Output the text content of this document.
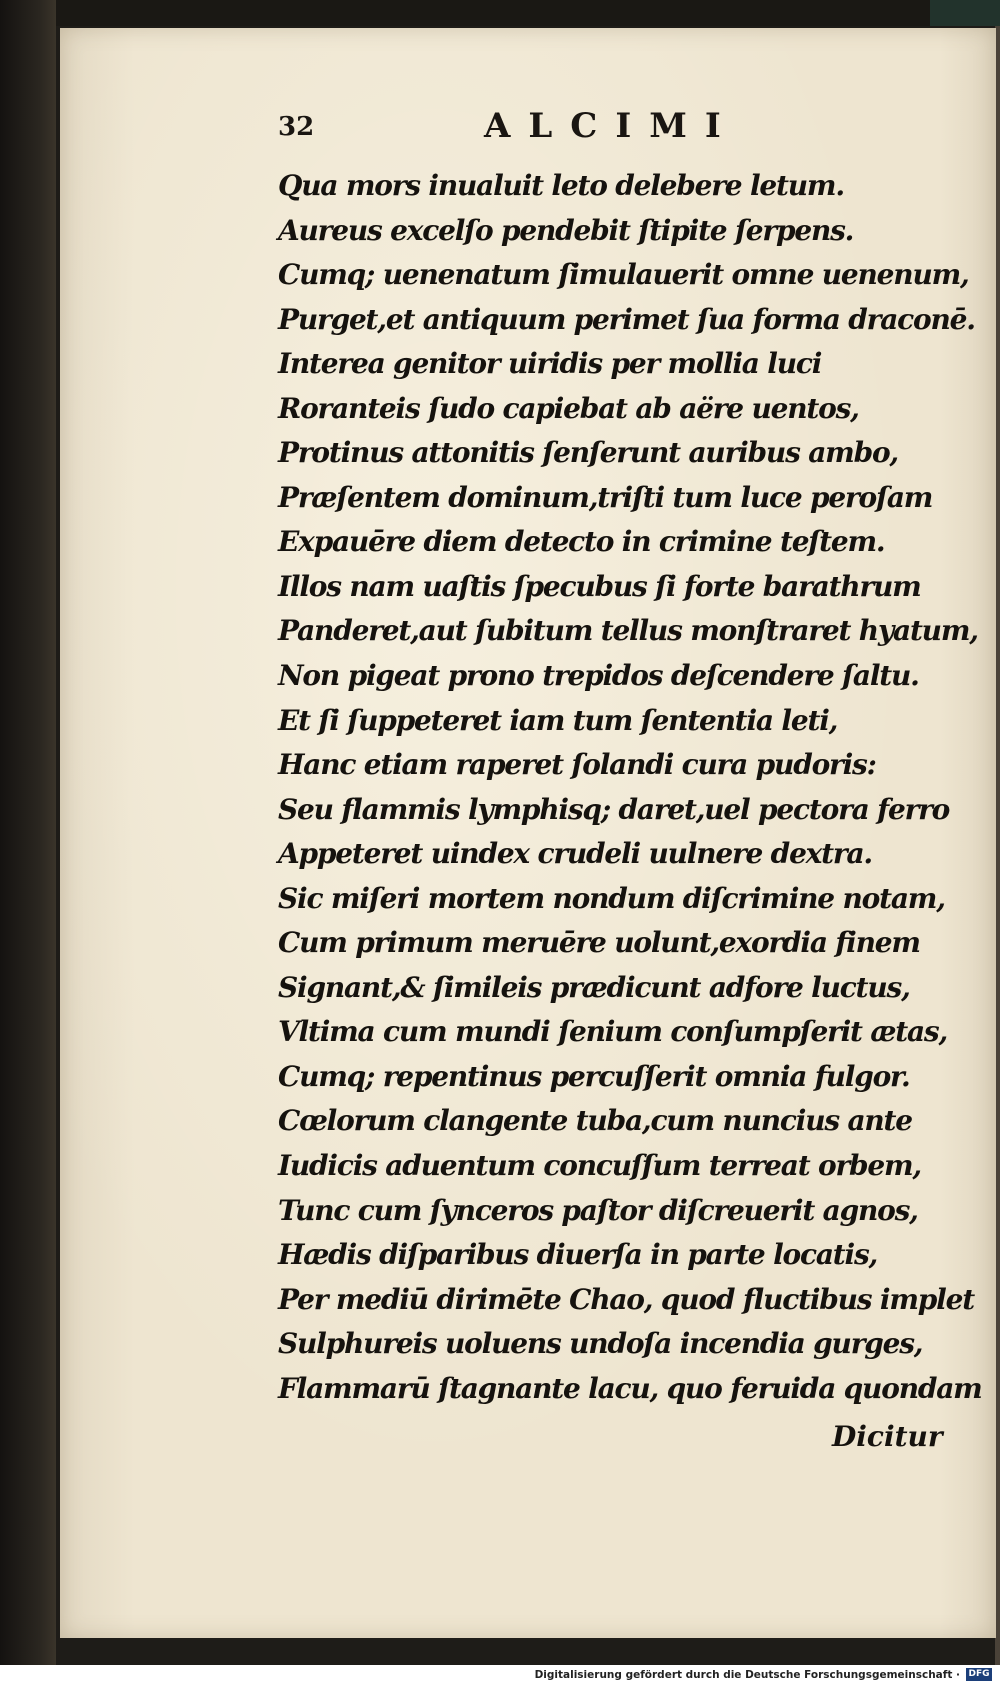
32	ALCIMI
Qua mors inualuit leto delebere letum.
Aureus excelſo pendebit ſtipite ſerpens.
Cumq; uenenatum ſimulauerit omne uenenum,
Purget,et antiquum perimet ſua forma draconē.
Interea genitor uiridis per mollia luci
Roranteis ſudo capiebat ab aëre uentos,
Protinus attonitis ſenſerunt auribus ambo,
Præſentem dominum,triſti tum luce peroſam
Expauēre diem detecto in crimine teſtem.
Illos nam uaſtis ſpecubus ſi forte barathrum
Panderet,aut ſubitum tellus monſtraret hyatum,
Non pigeat prono trepidos deſcendere ſaltu.
Et ſi ſuppeteret iam tum ſententia leti,
Hanc etiam raperet ſolandi cura pudoris:
Seu flammis lymphisq; daret,uel pectora ferro
Appeteret uindex crudeli uulnere dextra.
Sic miſeri mortem nondum diſcrimine notam,
Cum primum meruēre uolunt,exordia finem
Signant,& ſimileis prædicunt adfore luctus,
Vltima cum mundi ſenium conſumpſerit ætas,
Cumq; repentinus percuſſerit omnia fulgor.
Cœlorum clangente tuba,cum nuncius ante
Iudicis aduentum concuſſum terreat orbem,
Tunc cum ſynceros paſtor diſcreuerit agnos,
Hædis diſparibus diuerſa in parte locatis,
Per mediū dirimēte Chao, quod fluctibus implet
Sulphureis uoluens undoſa incendia gurges,
Flammarū ſtagnante lacu, quo feruida quondam
Dicitur
Digitalisierung gefördert durch die Deutsche Forschungsgemeinschaft · DFG
